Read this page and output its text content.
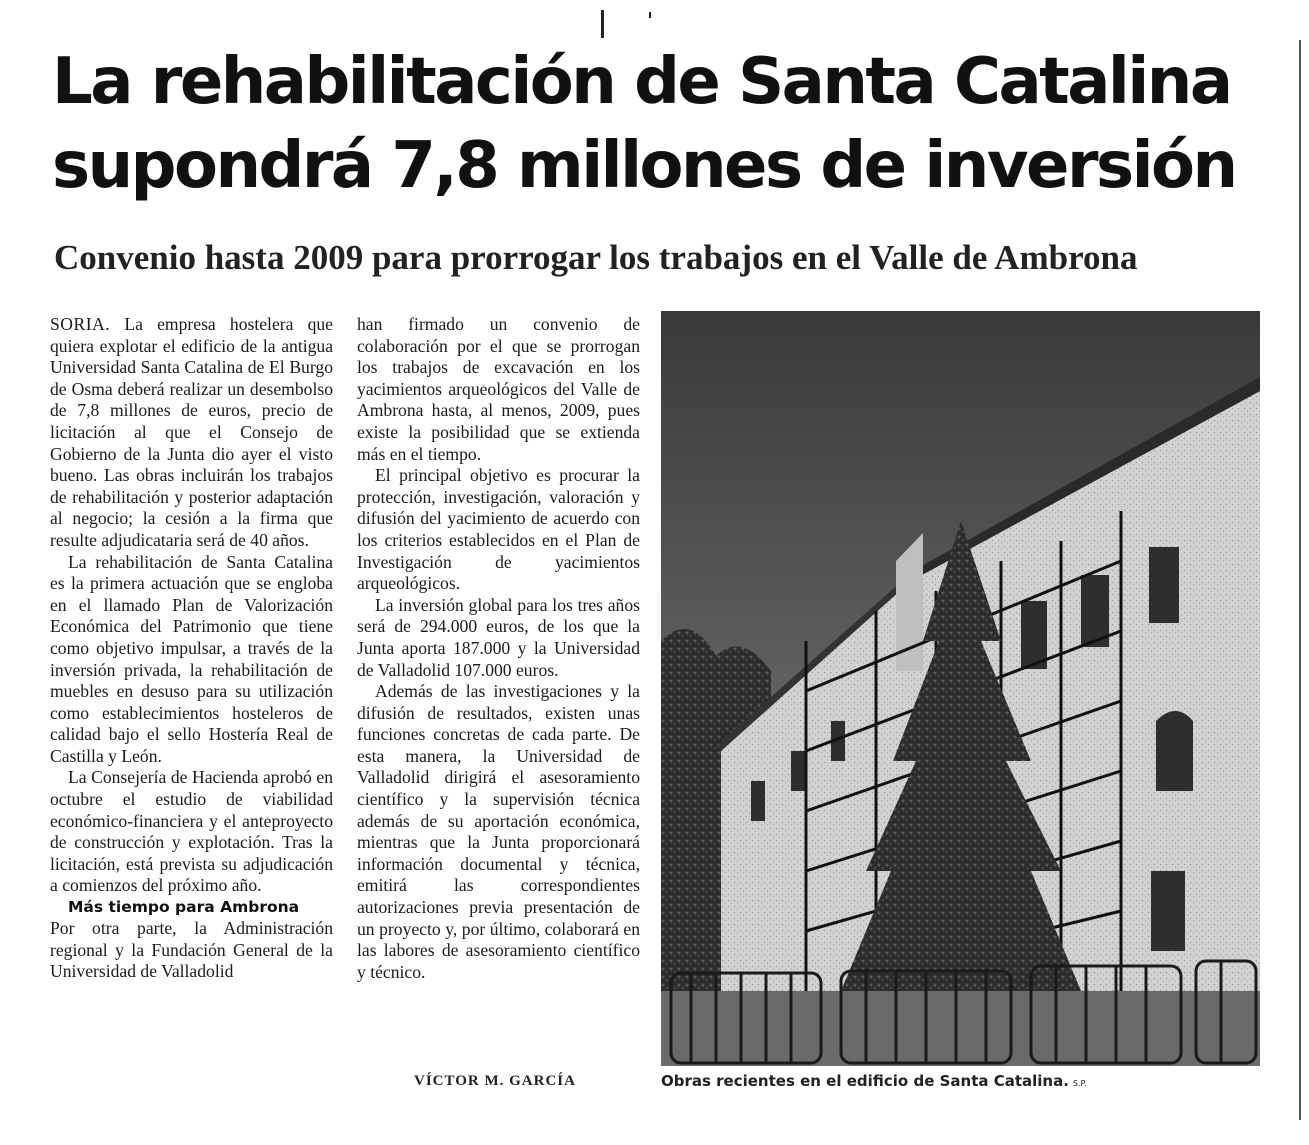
La rehabilitación de Santa Catalina
supondrá 7,8 millones de inversión
Convenio hasta 2009 para prorrogar los trabajos en el Valle de Ambrona

SORIA. La empresa hostelera que quiera explotar el edificio de la antigua Universidad Santa Catalina de El Burgo de Osma deberá realizar un desembolso de 7,8 millones de euros, precio de licitación al que el Consejo de Gobierno de la Junta dio ayer el visto bueno. Las obras incluirán los trabajos de rehabilitación y posterior adaptación al negocio; la cesión a la firma que resulte adjudicataria será de 40 años.

La rehabilitación de Santa Catalina es la primera actuación que se engloba en el llamado Plan de Valorización Económica del Patrimonio que tiene como objetivo impulsar, a través de la inversión privada, la rehabilitación de muebles en desuso para su utilización como establecimientos hosteleros de calidad bajo el sello Hostería Real de Castilla y León.

La Consejería de Hacienda aprobó en octubre el estudio de viabilidad económico-financiera y el anteproyecto de construcción y explotación. Tras la licitación, está prevista su adjudicación a comienzos del próximo año.

Más tiempo para Ambrona

Por otra parte, la Administración regional y la Fundación General de la Universidad de Valladolid

han firmado un convenio de colaboración por el que se prorrogan los trabajos de excavación en los yacimientos arqueológicos del Valle de Ambrona hasta, al menos, 2009, pues existe la posibilidad que se extienda más en el tiempo.

El principal objetivo es procurar la protección, investigación, valoración y difusión del yacimiento de acuerdo con los criterios establecidos en el Plan de Investigación de yacimientos arqueológicos.

La inversión global para los tres años será de 294.000 euros, de los que la Junta aporta 187.000 y la Universidad de Valladolid 107.000 euros.

Además de las investigaciones y la difusión de resultados, existen unas funciones concretas de cada parte. De esta manera, la Universidad de Valladolid dirigirá el asesoramiento científico y la supervisión técnica además de su aportación económica, mientras que la Junta proporcionará información documental y técnica, emitirá las correspondientes autorizaciones previa presentación de un proyecto y, por último, colaborará en las labores de asesoramiento científico y técnico.

VÍCTOR M. GARCÍA	Obras recientes en el edificio de Santa Catalina. S.P.
